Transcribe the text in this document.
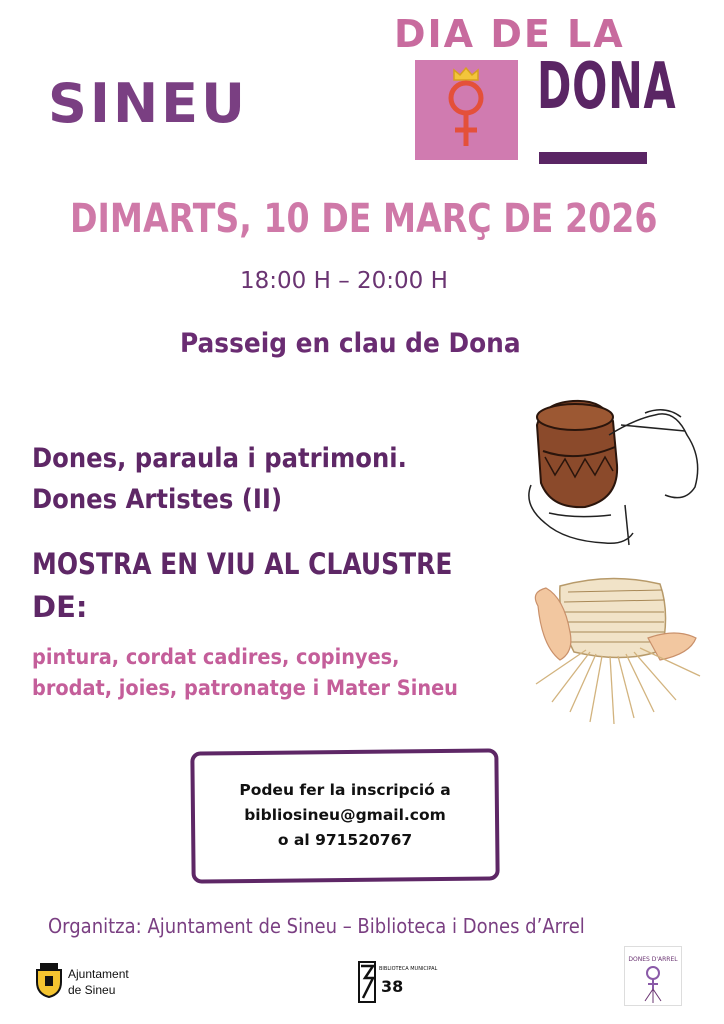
SINEU
DIA DE LA
DONA
DIMARTS, 10 DE MARÇ DE 2026
18:00 H – 20:00 H
Passeig en clau de Dona
Dones, paraula i patrimoni.
Dones Artistes (II)
MOSTRA EN VIU AL CLAUSTRE
DE:
pintura, cordat cadires, copinyes,
brodat, joies, patronatge i Mater Sineu
Podeu fer la inscripció a
bibliosineu@gmail.com
o al 971520767
Organitza: Ajuntament de Sineu – Biblioteca i Dones d’Arrel
Ajuntament
de Sineu
BIBLIOTECA MUNICIPAL
38
DONES D'ARREL
